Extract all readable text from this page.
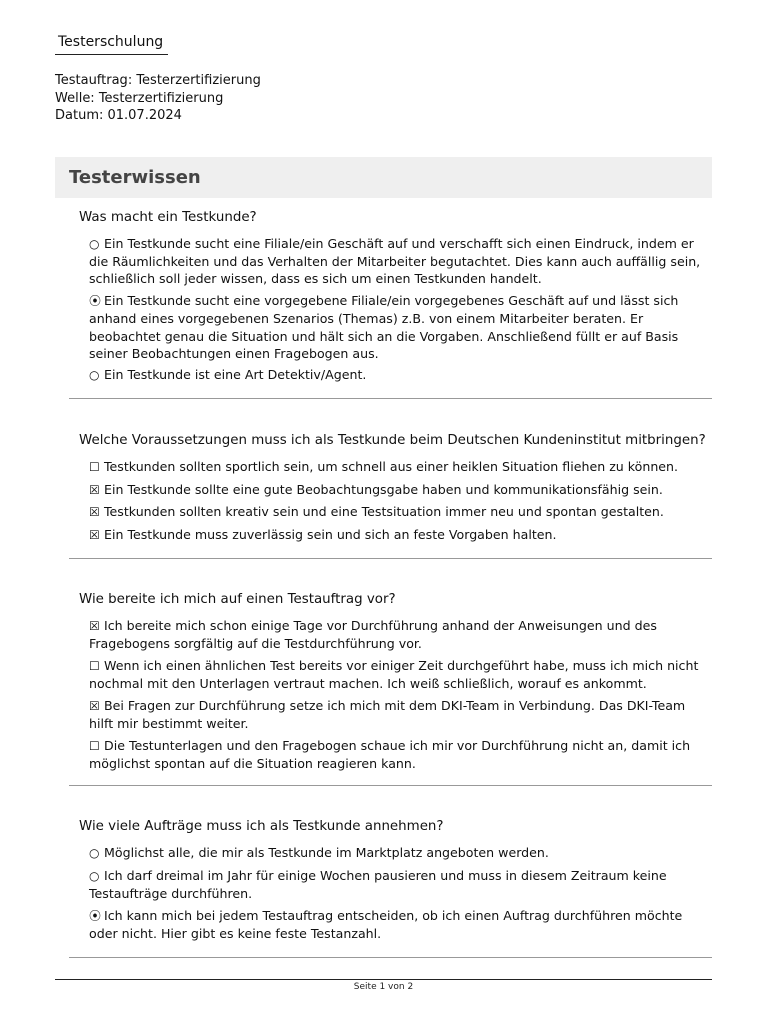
Testerschulung
Testauftrag: Testerzertifizierung
Welle: Testerzertifizierung
Datum: 01.07.2024
Testerwissen
Was macht ein Testkunde?
○ Ein Testkunde sucht eine Filiale/ein Geschäft auf und verschafft sich einen Eindruck, indem er die Räumlichkeiten und das Verhalten der Mitarbeiter begutachtet. Dies kann auch auffällig sein, schließlich soll jeder wissen, dass es sich um einen Testkunden handelt.
⦿ Ein Testkunde sucht eine vorgegebene Filiale/ein vorgegebenes Geschäft auf und lässt sich anhand eines vorgegebenen Szenarios (Themas) z.B. von einem Mitarbeiter beraten. Er beobachtet genau die Situation und hält sich an die Vorgaben. Anschließend füllt er auf Basis seiner Beobachtungen einen Fragebogen aus.
○ Ein Testkunde ist eine Art Detektiv/Agent.
Welche Voraussetzungen muss ich als Testkunde beim Deutschen Kundeninstitut mitbringen?
☐ Testkunden sollten sportlich sein, um schnell aus einer heiklen Situation fliehen zu können.
☒ Ein Testkunde sollte eine gute Beobachtungsgabe haben und kommunikationsfähig sein.
☒ Testkunden sollten kreativ sein und eine Testsituation immer neu und spontan gestalten.
☒ Ein Testkunde muss zuverlässig sein und sich an feste Vorgaben halten.
Wie bereite ich mich auf einen Testauftrag vor?
☒ Ich bereite mich schon einige Tage vor Durchführung anhand der Anweisungen und des Fragebogens sorgfältig auf die Testdurchführung vor.
☐ Wenn ich einen ähnlichen Test bereits vor einiger Zeit durchgeführt habe, muss ich mich nicht nochmal mit den Unterlagen vertraut machen. Ich weiß schließlich, worauf es ankommt.
☒ Bei Fragen zur Durchführung setze ich mich mit dem DKI-Team in Verbindung. Das DKI-Team hilft mir bestimmt weiter.
☐ Die Testunterlagen und den Fragebogen schaue ich mir vor Durchführung nicht an, damit ich möglichst spontan auf die Situation reagieren kann.
Wie viele Aufträge muss ich als Testkunde annehmen?
○ Möglichst alle, die mir als Testkunde im Marktplatz angeboten werden.
○ Ich darf dreimal im Jahr für einige Wochen pausieren und muss in diesem Zeitraum keine Testaufträge durchführen.
⦿ Ich kann mich bei jedem Testauftrag entscheiden, ob ich einen Auftrag durchführen möchte oder nicht. Hier gibt es keine feste Testanzahl.
Seite 1 von 2
